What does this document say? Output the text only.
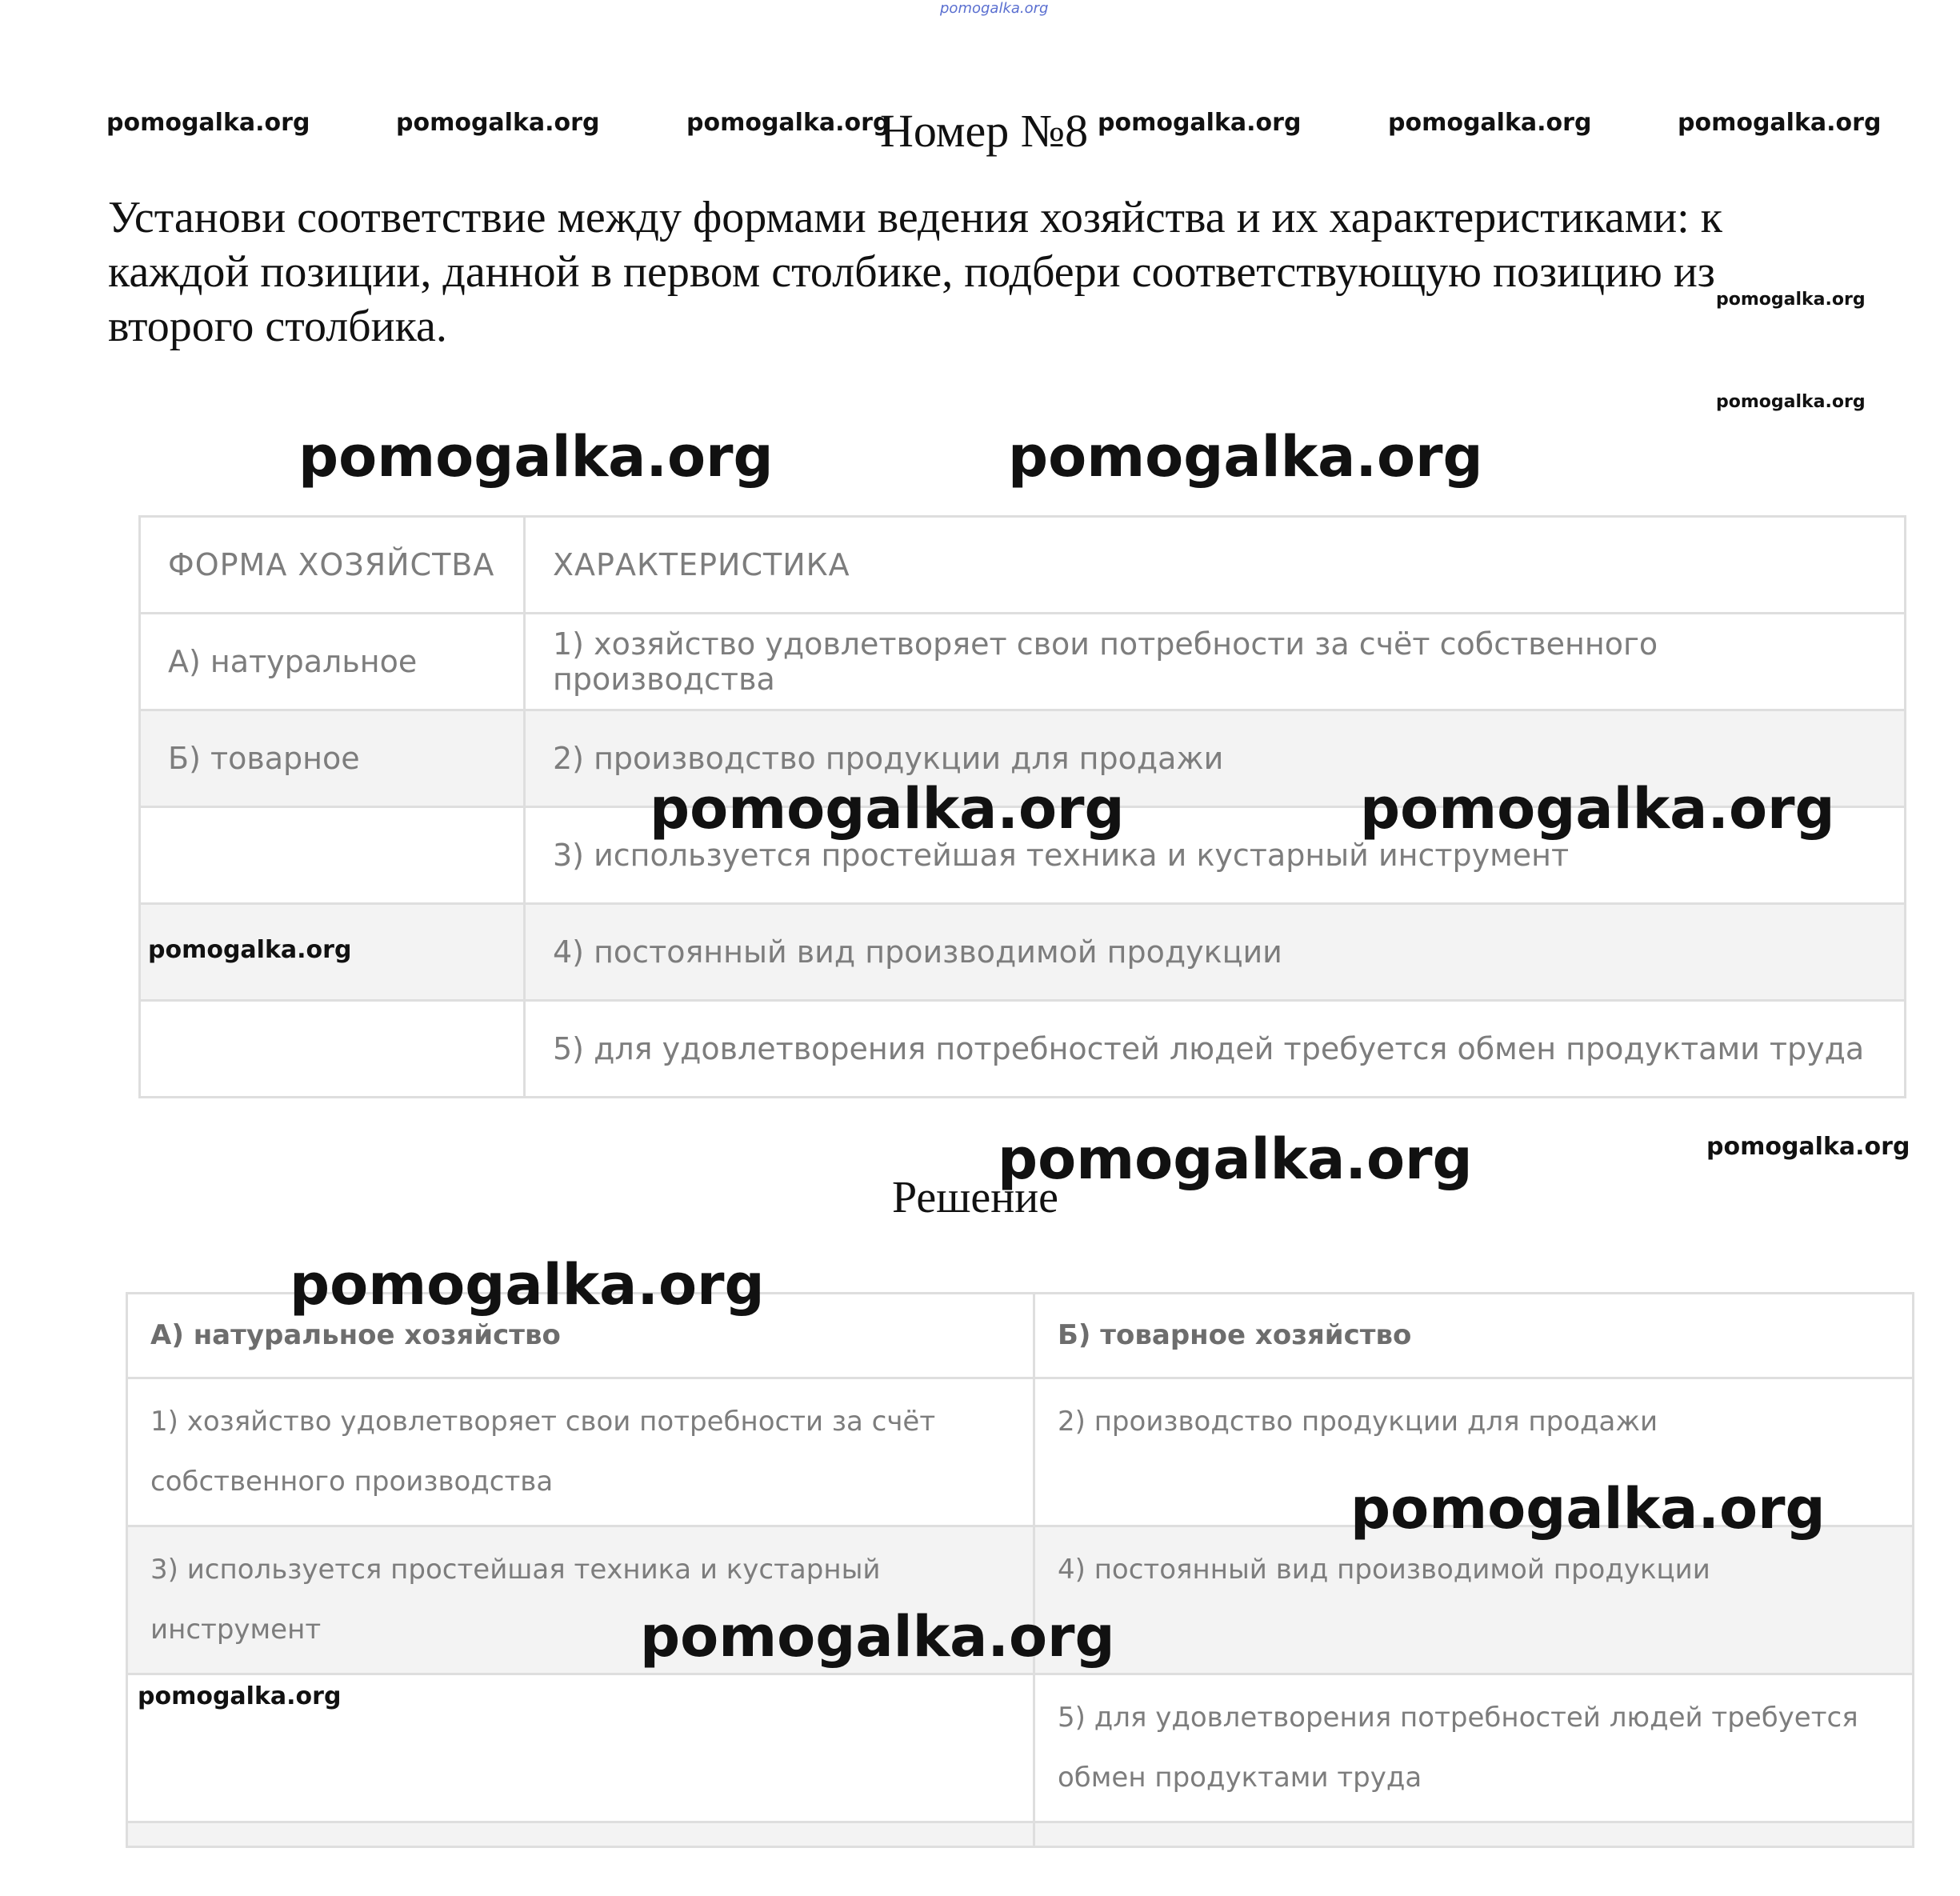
pomogalka.org
pomogalka.org	pomogalka.org	pomogalka.org	pomogalka.org	pomogalka.org	pomogalka.org
Номер №8

Установи соответствие между формами ведения хозяйства и их характеристиками: к каждой позиции, данной в первом столбике, подбери соответствующую позицию из второго столбика.

pomogalka.org
pomogalka.org
pomogalka.org	pomogalka.org
ФОРМА ХОЗЯЙСТВА	ХАРАКТЕРИСТИКА
А) натуральное	1) хозяйство удовлетворяет свои потребности за счёт собственного производства
Б) товарное	2) производство продукции для продажи
	3) используется простейшая техника и кустарный инструмент
	4) постоянный вид производимой продукции
	5) для удовлетворения потребностей людей требуется обмен продуктами труда
pomogalka.org	pomogalka.org
pomogalka.org
pomogalka.org	pomogalka.org
Решение
А) натуральное хозяйство	Б) товарное хозяйство
1) хозяйство удовлетворяет свои потребности за счёт собственного производства	2) производство продукции для продажи
3) используется простейшая техника и кустарный инструмент	4) постоянный вид производимой продукции
	5) для удовлетворения потребностей людей требуется обмен продуктами труда

pomogalka.org
pomogalka.org
pomogalka.org
pomogalka.org
